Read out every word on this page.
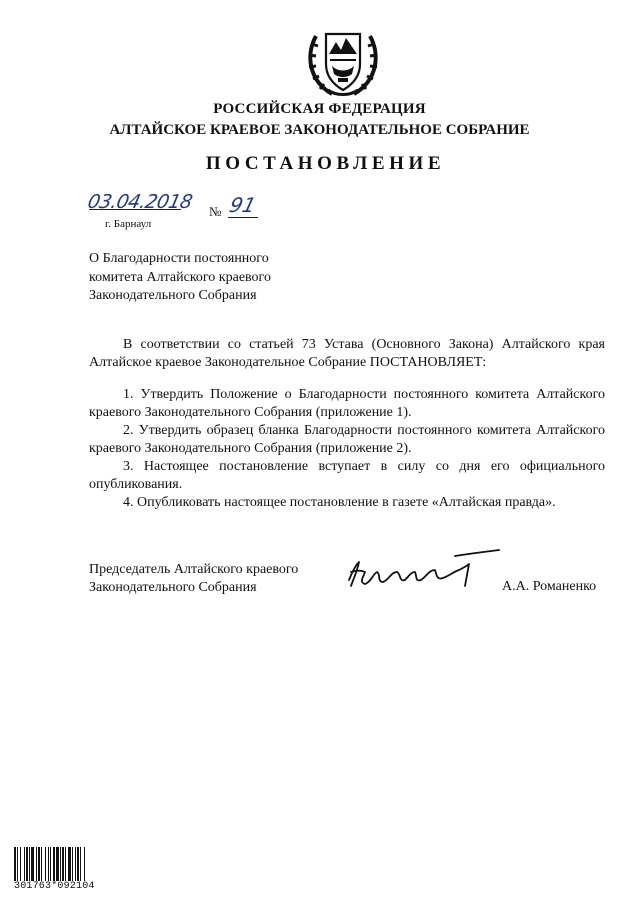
РОССИЙСКАЯ ФЕДЕРАЦИЯ
АЛТАЙСКОЕ КРАЕВОЕ ЗАКОНОДАТЕЛЬНОЕ СОБРАНИЕ
ПОСТАНОВЛЕНИЕ
03.04.2018 № 91
г. Барнаул
О Благодарности постоянного
комитета Алтайского краевого
Законодательного Собрания

В соответствии со статьей 73 Устава (Основного Закона) Алтайского края Алтайское краевое Законодательное Собрание ПОСТАНОВЛЯЕТ:

1. Утвердить Положение о Благодарности постоянного комитета Алтайского краевого Законодательного Собрания (приложение 1).

2. Утвердить образец бланка Благодарности постоянного комитета Алтайского краевого Законодательного Собрания (приложение 2).

3. Настоящее постановление вступает в силу со дня его официального опубликования.

4. Опубликовать настоящее постановление в газете «Алтайская правда».

Председатель Алтайского краевого
Законодательного Собрания	А.А. Романенко
301763*092104
